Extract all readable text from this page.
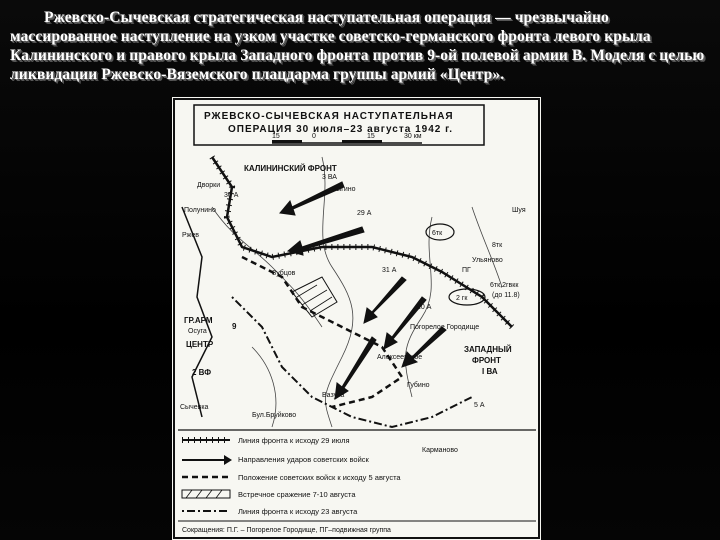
Ржевско-Сычевская стратегическая наступательная операция — чрезвычайно массированное наступление на узком участке советско-германского фронта левого крыла Калининского и правого крыла Западного фронта против 9-ой полевой армии В. Моделя с целью ликвидации Ржевско-Вяземского плацдарма группы армий «Центр».

РЖЕВСКО-СЫЧЕВСКАЯ НАСТУПАТЕЛЬНАЯ
ОПЕРАЦИЯ 30 июля–23 августа 1942 г.
15	0	15	30 км
КАЛИНИНСКИЙ ФРОНТ
ЗАПАДНЫЙ
ФРОНТ
I ВА
ГР.АРМ
ЦЕНТР
9
2 ВФ
30 А
3 ВА
29 А
31 А
20 А
5 А
6тк
8тк
ПГ
2 гк
6тк,2гвкк
(до 11.8)
Ржев
Сычевка
Зубцов
Погорелое Городище
Карманово
Осуга
Дворки
Полунино
Зыгино
Шуя
Губино
Ульяново
Вазуза
Алексеевское
Бул.Бруйково
Линия фронта к исходу 29 июля
Направления ударов советских войск
Положение советских войск к исходу 5 августа
Встречное сражение 7-10 августа
Линия фронта к исходу 23 августа
Сокращения: П.Г. – Погорелое Городище, ПГ–подвижная группа
